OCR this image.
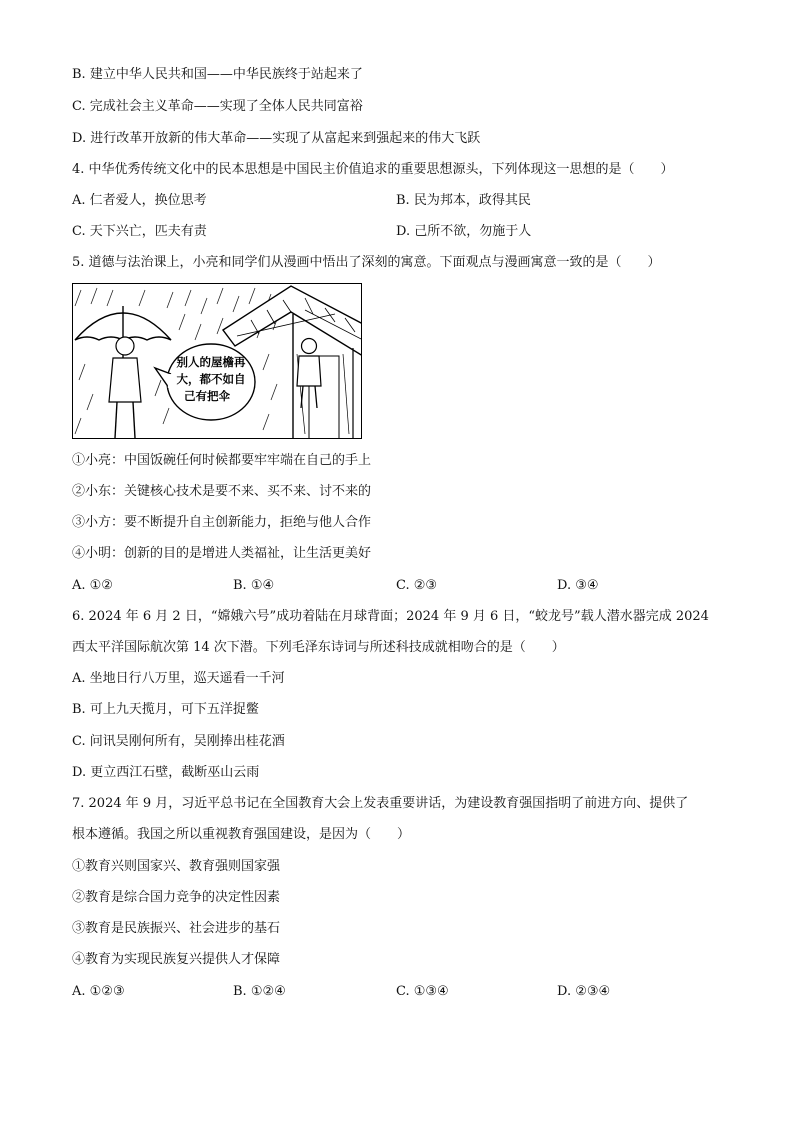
B. 建立中华人民共和国——中华民族终于站起来了
C. 完成社会主义革命——实现了全体人民共同富裕
D. 进行改革开放新的伟大革命——实现了从富起来到强起来的伟大飞跃
4. 中华优秀传统文化中的民本思想是中国民主价值追求的重要思想源头，下列体现这一思想的是（　　）
A. 仁者爱人，换位思考	B. 民为邦本，政得其民
C. 天下兴亡，匹夫有责	D. 己所不欲，勿施于人
5. 道德与法治课上，小亮和同学们从漫画中悟出了深刻的寓意。下面观点与漫画寓意一致的是（　　）
别人的屋檐再
大，都不如自
己有把伞
①小亮：中国饭碗任何时候都要牢牢端在自己的手上
②小东：关键核心技术是要不来、买不来、讨不来的
③小方：要不断提升自主创新能力，拒绝与他人合作
④小明：创新的目的是增进人类福祉，让生活更美好
A. ①②	B. ①④	C. ②③	D. ③④
6. 2024 年 6 月 2 日，“嫦娥六号”成功着陆在月球背面；2024 年 9 月 6 日，“蛟龙号”载人潜水器完成 2024
西太平洋国际航次第 14 次下潜。下列毛泽东诗词与所述科技成就相吻合的是（　　）
A. 坐地日行八万里，巡天遥看一千河
B. 可上九天揽月，可下五洋捉鳖
C. 问讯吴刚何所有，吴刚捧出桂花酒
D. 更立西江石壁，截断巫山云雨
7. 2024 年 9 月，习近平总书记在全国教育大会上发表重要讲话，为建设教育强国指明了前进方向、提供了
根本遵循。我国之所以重视教育强国建设，是因为（　　）
①教育兴则国家兴、教育强则国家强
②教育是综合国力竞争的决定性因素
③教育是民族振兴、社会进步的基石
④教育为实现民族复兴提供人才保障
A. ①②③	B. ①②④	C. ①③④	D. ②③④
